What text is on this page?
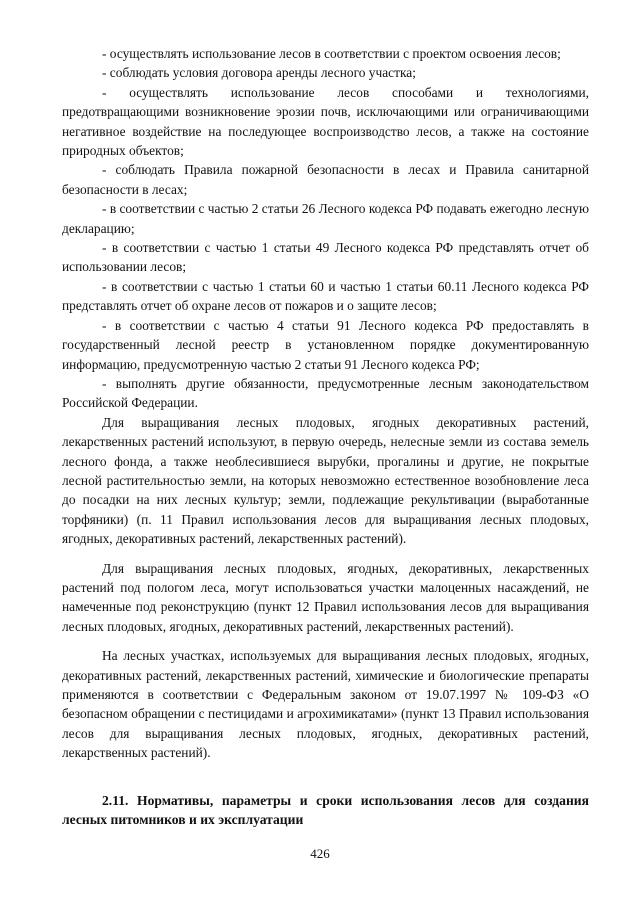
- осуществлять использование лесов в соответствии с проектом освоения лесов;

- соблюдать условия договора аренды лесного участка;

- осуществлять использование лесов способами и технологиями, предотвращающими возникновение эрозии почв, исключающими или ограничивающими негативное воздействие на последующее воспроизводство лесов, а также на состояние природных объектов;

- соблюдать Правила пожарной безопасности в лесах и Правила санитарной безопасности в лесах;

- в соответствии с частью 2 статьи 26 Лесного кодекса РФ подавать ежегодно лесную декларацию;

- в соответствии с частью 1 статьи 49 Лесного кодекса РФ представлять отчет об использовании лесов;

- в соответствии с частью 1 статьи 60 и частью 1 статьи 60.11 Лесного кодекса РФ представлять отчет об охране лесов от пожаров и о защите лесов;

- в соответствии с частью 4 статьи 91 Лесного кодекса РФ предоставлять в государственный лесной реестр в установленном порядке документированную информацию, предусмотренную частью 2 статьи 91 Лесного кодекса РФ;

- выполнять другие обязанности, предусмотренные лесным законодательством Российской Федерации.

Для выращивания лесных плодовых, ягодных декоративных растений, лекарственных растений используют, в первую очередь, нелесные земли из состава земель лесного фонда, а также необлесившиеся вырубки, прогалины и другие, не покрытые лесной растительностью земли, на которых невозможно естественное возобновление леса до посадки на них лесных культур; земли, подлежащие рекультивации (выработанные торфяники) (п. 11 Правил использования лесов для выращивания лесных плодовых, ягодных, декоративных растений, лекарственных растений).

Для выращивания лесных плодовых, ягодных, декоративных, лекарственных растений под пологом леса, могут использоваться участки малоценных насаждений, не намеченные под реконструкцию (пункт 12 Правил использования лесов для выращивания лесных плодовых, ягодных, декоративных растений, лекарственных растений).

На лесных участках, используемых для выращивания лесных плодовых, ягодных, декоративных растений, лекарственных растений, химические и биологические препараты применяются в соответствии с Федеральным законом от 19.07.1997 № 109-ФЗ «О безопасном обращении с пестицидами и агрохимикатами» (пункт 13 Правил использования лесов для выращивания лесных плодовых, ягодных, декоративных растений, лекарственных растений).

2.11. Нормативы, параметры и сроки использования лесов для создания лесных питомников и их эксплуатации
426
